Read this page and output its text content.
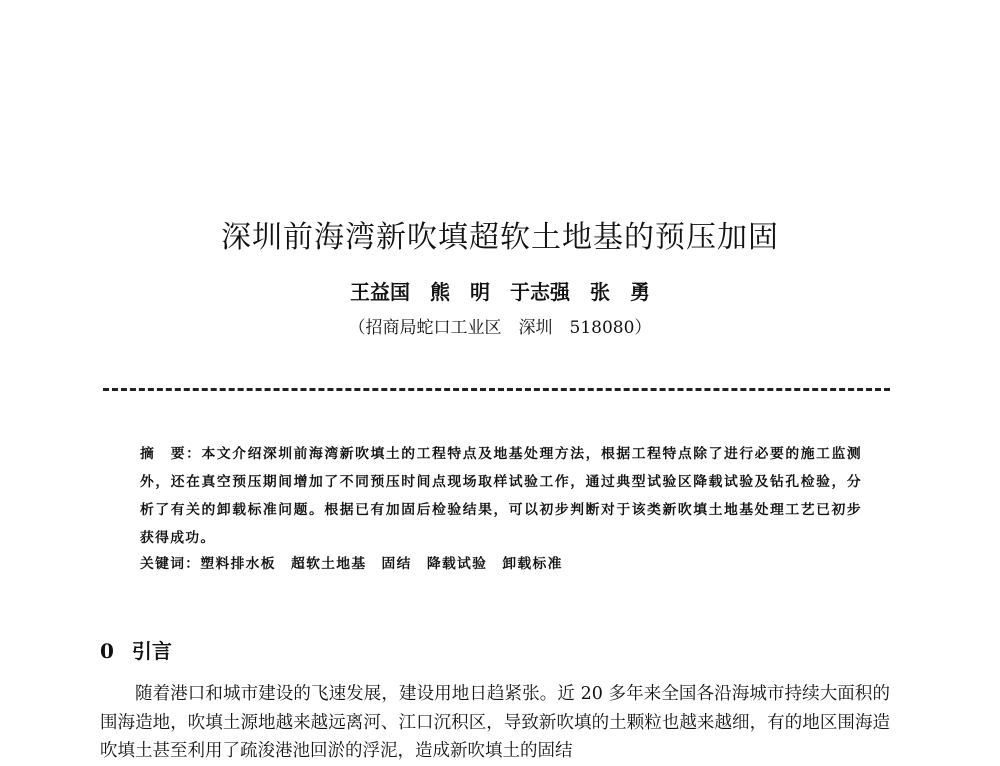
深圳前海湾新吹填超软土地基的预压加固
王益国　熊　明　于志强　张　勇
（招商局蛇口工业区　深圳　518080）
摘　要：本文介绍深圳前海湾新吹填土的工程特点及地基处理方法，根据工程特点除了进行必要的施工监测外，还在真空预压期间增加了不同预压时间点现场取样试验工作，通过典型试验区降载试验及钻孔检验，分析了有关的卸载标准问题。根据已有加固后检验结果，可以初步判断对于该类新吹填土地基处理工艺已初步获得成功。
关键词：塑料排水板　超软土地基　固结　降载试验　卸载标准
0 引言
随着港口和城市建设的飞速发展，建设用地日趋紧张。近 20 多年来全国各沿海城市持续大面积的围海造地，吹填土源地越来越远离河、江口沉积区，导致新吹填的土颗粒也越来越细，有的地区围海造吹填土甚至利用了疏浚港池回淤的浮泥，造成新吹填土的固结
